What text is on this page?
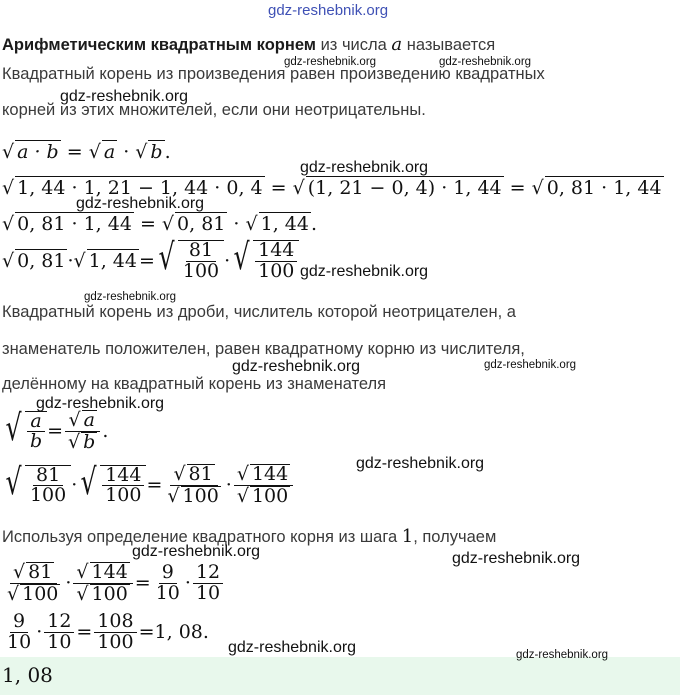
gdz-reshebnik.org
Арифметическим квадратным корнем из числа a называется
gdz-reshebnik.org	gdz-reshebnik.org
Квадратный корень из произведения равен произведению квадратных
gdz-reshebnik.org
корней из этих множителей, если они неотрицательны.
√ a · b = √ a · √ b .
gdz-reshebnik.org
√ 1, 44 · 1, 21 − 1, 44 · 0, 4 = √ (1, 21 − 0, 4) · 1, 44 = √ 0, 81 · 1, 44
gdz-reshebnik.org
√ 0, 81 · 1, 44 = √ 0, 81 · √ 1, 44 .
√ 0, 81 · √ 1, 44 = √ $\frac{81}{100}$ · √ $\frac{144}{100}$ gdz-reshebnik.org
gdz-reshebnik.org
Квадратный корень из дроби, числитель которой неотрицателен, а
знаменатель положителен, равен квадратному корню из числителя,
gdz-reshebnik.org	gdz-reshebnik.org
делённому на квадратный корень из знаменателя
gdz-reshebnik.org
√ $\frac{a}{b} = \frac{√ a}{√ b}$ .
gdz-reshebnik.org
√ $\frac{81}{100}$ · √ $\frac{144}{100} = \frac{√ 81}{√ 100} \cdot \frac{√ 144}{√ 100}$
Используя определение квадратного корня из шага 1, получаем
gdz-reshebnik.org	gdz-reshebnik.org
$\frac{√ 81}{√ 100} \cdot \frac{√ 144}{√ 100} = \frac{9}{10} \cdot \frac{12}{10}$
$\frac{9}{10} \cdot \frac{12}{10} = \frac{108}{100} = 1$, 08 .
gdz-reshebnik.org
1, 08
gdz-reshebnik.org
